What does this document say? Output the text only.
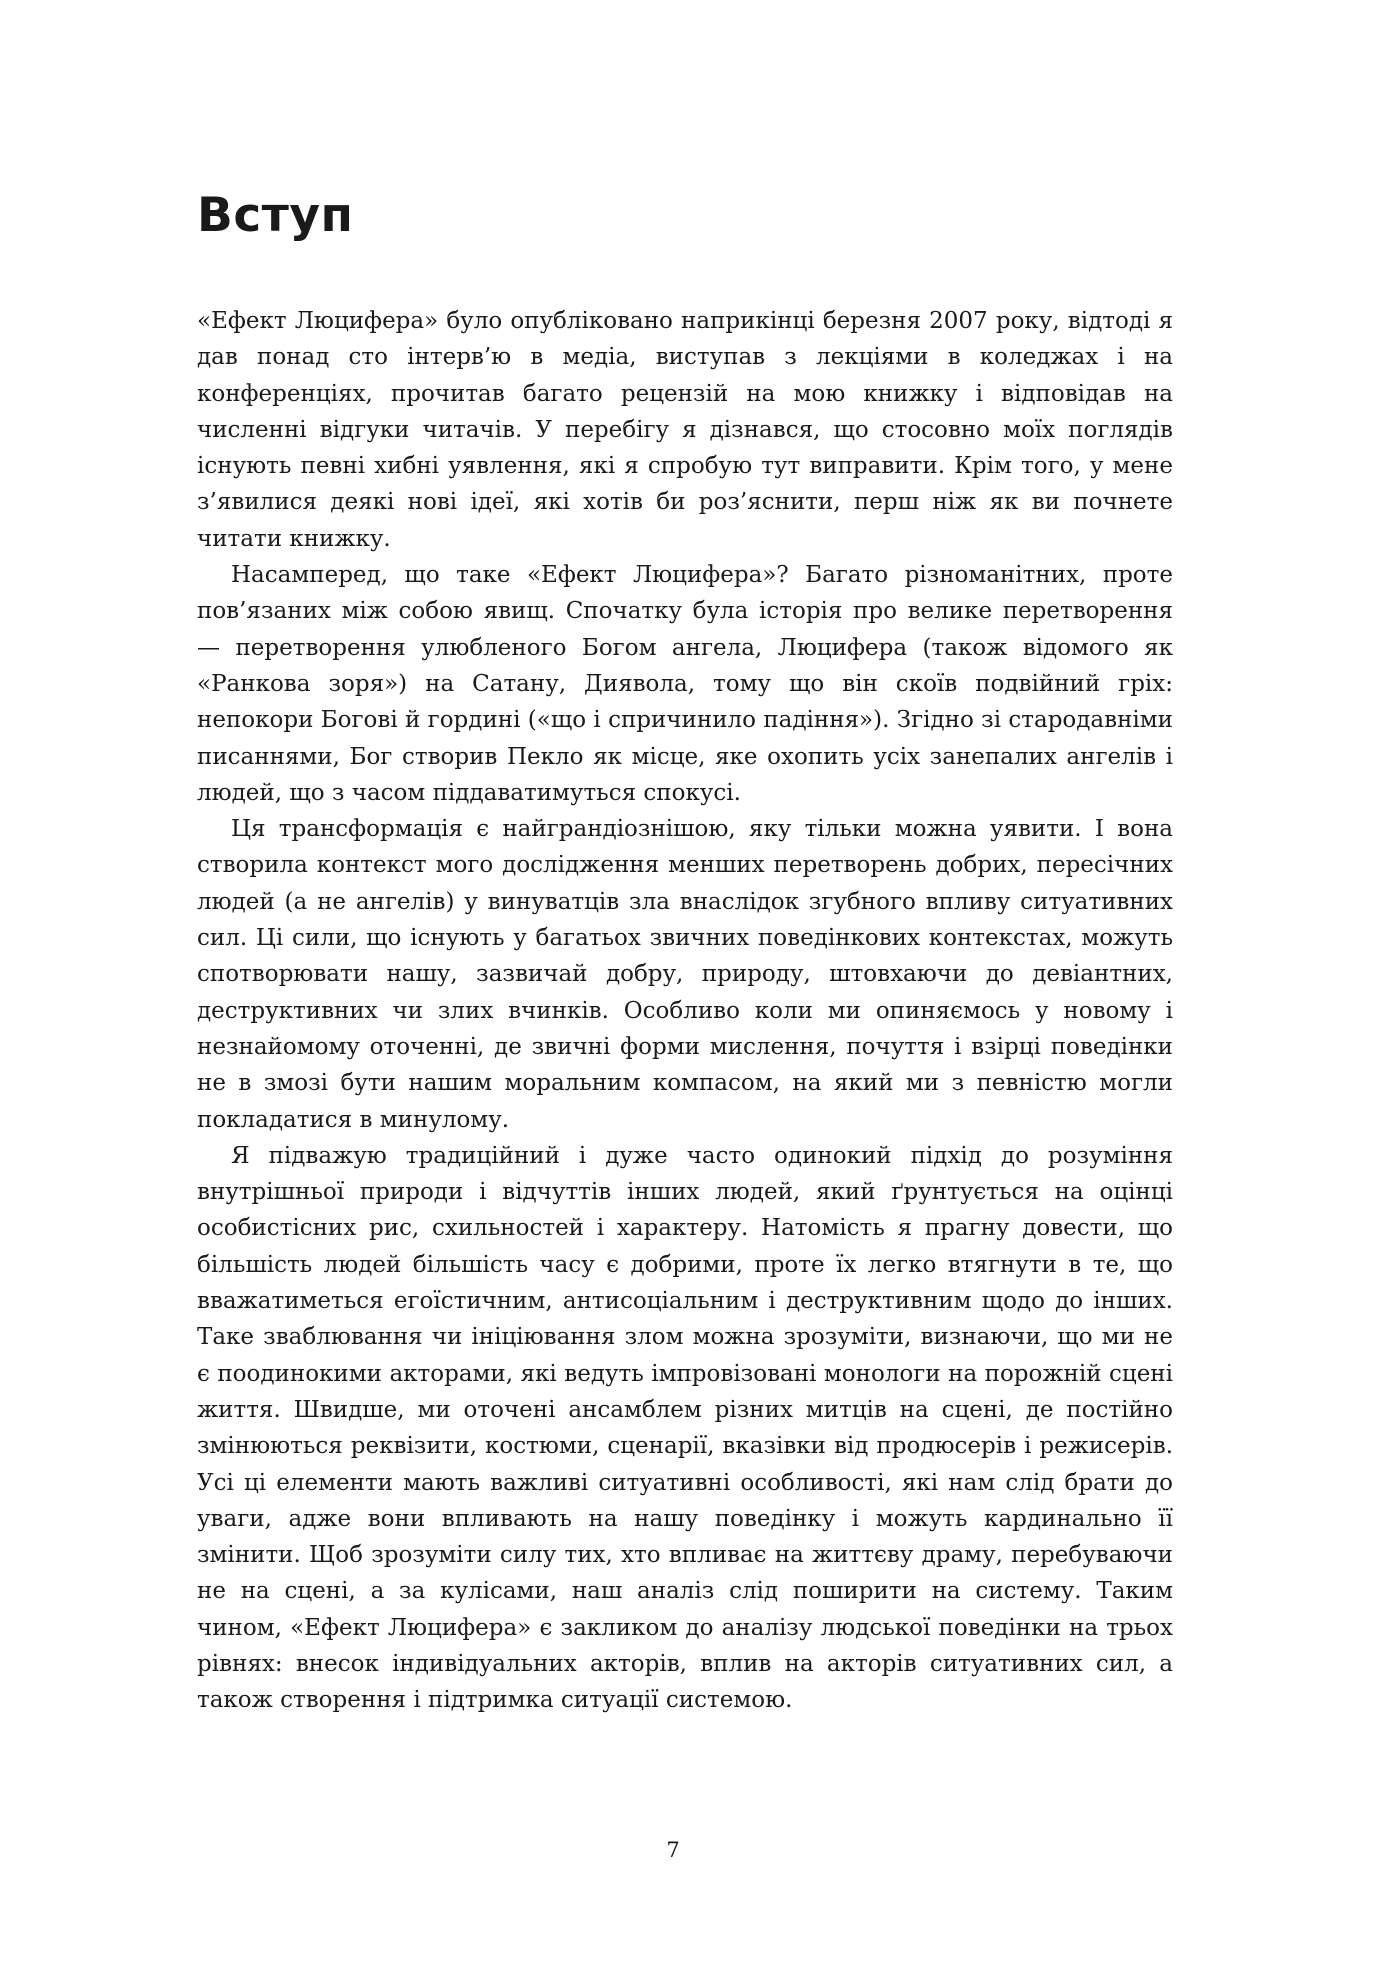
Вступ

«Ефект Люцифера» було опубліковано наприкінці березня 2007 року, відтоді я дав понад сто інтерв’ю в медіа, виступав з лекціями в коледжах і на конференціях, прочитав багато рецензій на мою книжку і відповідав на численні відгуки читачів. У перебігу я дізнався, що стосовно моїх поглядів існують певні хибні уявлення, які я спробую тут виправити. Крім того, у мене з’явилися деякі нові ідеї, які хотів би роз’яснити, перш ніж як ви почнете читати книжку.

Насамперед, що таке «Ефект Люцифера»? Багато різноманітних, проте пов’язаних між собою явищ. Спочатку була історія про велике перетворення — перетворення улюбленого Богом ангела, Люцифера (також відомого як «Ранкова зоря») на Сатану, Диявола, тому що він скоїв подвійний гріх: непокори Богові й гордині («що і спричинило падіння»). Згідно зі стародавніми писаннями, Бог створив Пекло як місце, яке охопить усіх занепалих ангелів і людей, що з часом піддаватимуться спокусі.

Ця трансформація є найграндіознішою, яку тільки можна уявити. І вона створила контекст мого дослідження менших перетворень добрих, пересічних людей (а не ангелів) у винуватців зла внаслідок згубного впливу ситуативних сил. Ці сили, що існують у багатьох звичних поведінкових контекстах, можуть спотворювати нашу, зазвичай добру, природу, штовхаючи до девіантних, деструктивних чи злих вчинків. Особливо коли ми опиняємось у новому і незнайомому оточенні, де звичні форми мислення, почуття і взірці поведінки не в змозі бути нашим моральним компасом, на який ми з певністю могли покладатися в минулому.

Я підважую традиційний і дуже часто одинокий підхід до розуміння внутрішньої природи і відчуттів інших людей, який ґрунтується на оцінці особистісних рис, схильностей і характеру. Натомість я прагну довести, що більшість людей більшість часу є добрими, проте їх легко втягнути в те, що вважатиметься егоїстичним, антисоціальним і деструктивним щодо до інших. Таке зваблювання чи ініціювання злом можна зрозуміти, визнаючи, що ми не є поодинокими акторами, які ведуть імпровізовані монологи на порожній сцені життя. Швидше, ми оточені ансамблем різних митців на сцені, де постійно змінюються реквізити, костюми, сценарії, вказівки від продюсерів і режисерів. Усі ці елементи мають важливі ситуативні особливості, які нам слід брати до уваги, адже вони впливають на нашу поведінку і можуть кардинально її змінити. Щоб зрозуміти силу тих, хто впливає на життєву драму, перебуваючи не на сцені, а за кулісами, наш аналіз слід поширити на систему. Таким чином, «Ефект Люцифера» є закликом до аналізу людської поведінки на трьох рівнях: внесок індивідуальних акторів, вплив на акторів ситуативних сил, а також створення і підтримка ситуації системою.

7
